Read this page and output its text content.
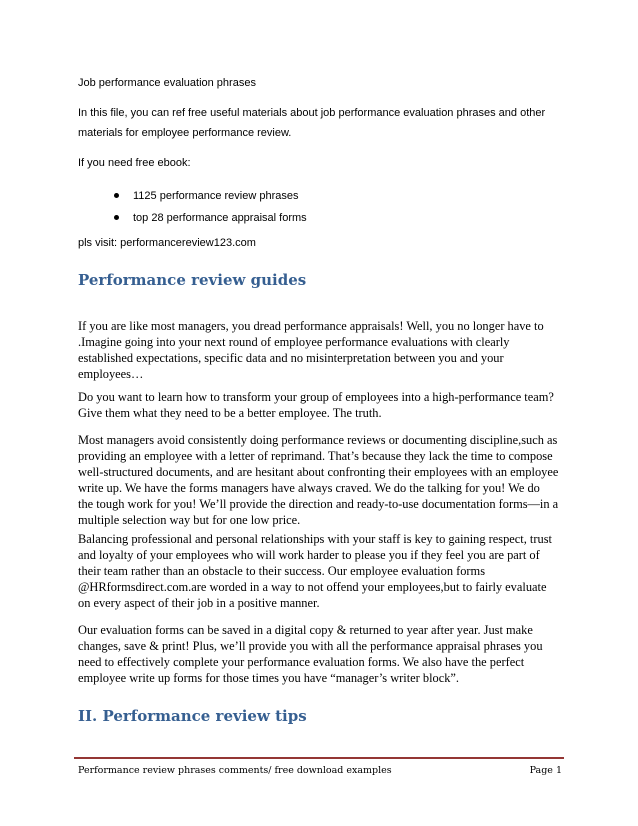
Job performance evaluation phrases

In this file, you can ref free useful materials about job performance evaluation phrases and other

materials for employee performance review.

If you need free ebook:

1125 performance review phrases
top 28 performance appraisal forms

pls visit: performancereview123.com

Performance review guides

If you are like most managers, you dread performance appraisals! Well, you no longer have to

.Imagine going into your next round of employee performance evaluations with clearly

established expectations, specific data and no misinterpretation between you and your

employees…

Do you want to learn how to transform your group of employees into a high-performance team?

Give them what they need to be a better employee. The truth.

Most managers avoid consistently doing performance reviews or documenting discipline,such as

providing an employee with a letter of reprimand. That’s because they lack the time to compose

well-structured documents, and are hesitant about confronting their employees with an employee

write up. We have the forms managers have always craved. We do the talking for you! We do

the tough work for you! We’ll provide the direction and ready-to-use documentation forms—in a

multiple selection way but for one low price.

Balancing professional and personal relationships with your staff is key to gaining respect, trust

and loyalty of your employees who will work harder to please you if they feel you are part of

their team rather than an obstacle to their success. Our employee evaluation forms

@HRformsdirect.com.are worded in a way to not offend your employees,but to fairly evaluate

on every aspect of their job in a positive manner.

Our evaluation forms can be saved in a digital copy & returned to year after year. Just make

changes, save & print! Plus, we’ll provide you with all the performance appraisal phrases you

need to effectively complete your performance evaluation forms. We also have the perfect

employee write up forms for those times you have “manager’s writer block”.

II. Performance review tips
Performance review phrases comments/ free download examples	Page 1
